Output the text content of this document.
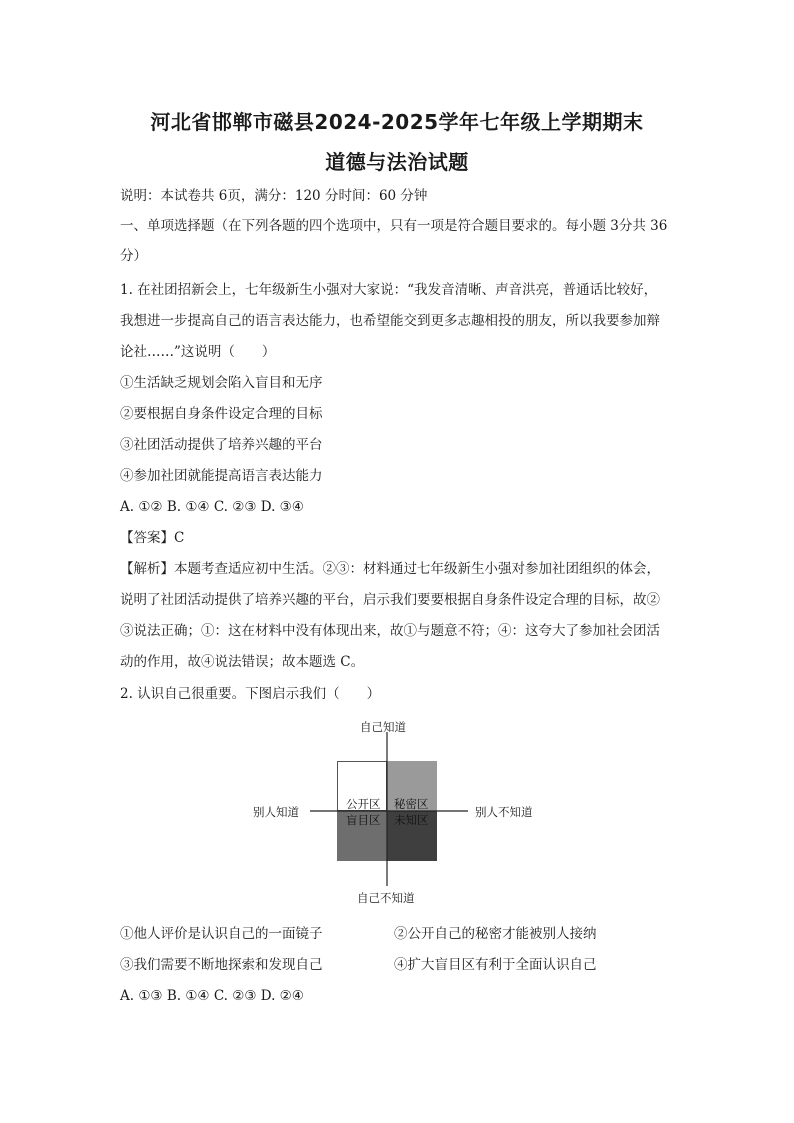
河北省邯郸市磁县2024-2025学年七年级上学期期末
道德与法治试题
说明：本试卷共 6页，满分：120 分时间：60 分钟
一、单项选择题（在下列各题的四个选项中，只有一项是符合题目要求的。每小题 3分共 36
分）
1. 在社团招新会上，七年级新生小强对大家说：“我发音清晰、声音洪亮，普通话比较好，
我想进一步提高自己的语言表达能力，也希望能交到更多志趣相投的朋友，所以我要参加辩
论社……”这说明（　　）
①生活缺乏规划会陷入盲目和无序
②要根据自身条件设定合理的目标
③社团活动提供了培养兴趣的平台
④参加社团就能提高语言表达能力
A. ①② B. ①④ C. ②③ D. ③④
【答案】C
【解析】本题考查适应初中生活。②③：材料通过七年级新生小强对参加社团组织的体会，
说明了社团活动提供了培养兴趣的平台，启示我们要要根据自身条件设定合理的目标，故②
③说法正确；①：这在材料中没有体现出来，故①与题意不符；④：这夸大了参加社会团活
动的作用，故④说法错误；故本题选 C。
2. 认识自己很重要。下图启示我们（　　）
自己知道
自己不知道
别人知道	别人不知道
公开区 秘密区
盲目区 未知区
①他人评价是认识自己的一面镜子	②公开自己的秘密才能被别人接纳
③我们需要不断地探索和发现自己	④扩大盲目区有利于全面认识自己
A. ①③ B. ①④ C. ②③ D. ②④
